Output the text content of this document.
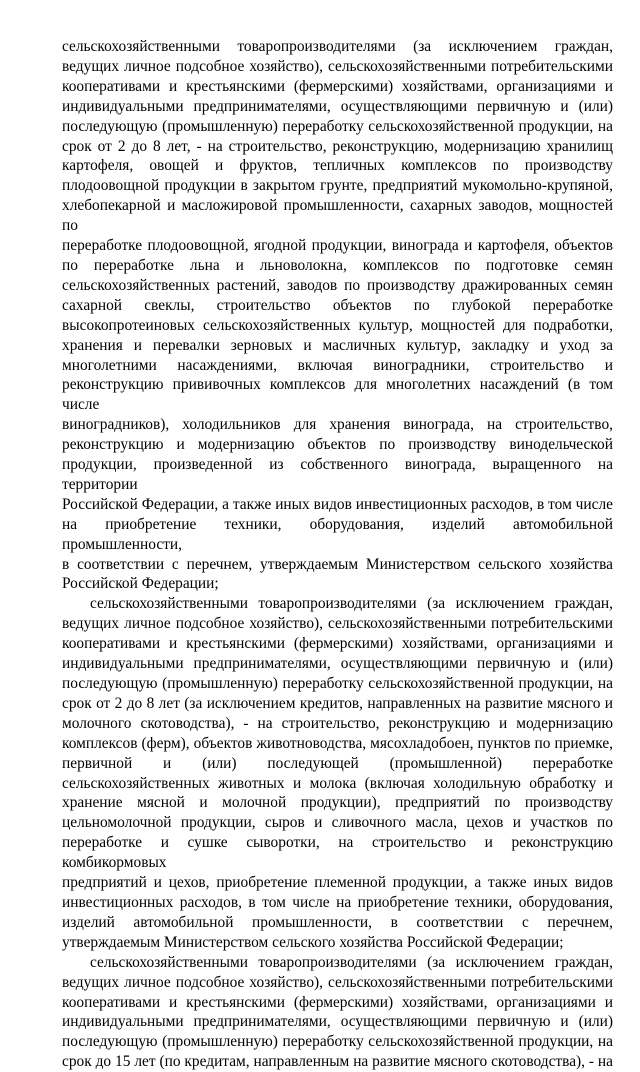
сельскохозяйственными товаропроизводителями (за исключением граждан,
ведущих личное подсобное хозяйство), сельскохозяйственными потребительскими
кооперативами и крестьянскими (фермерскими) хозяйствами, организациями и
индивидуальными предпринимателями, осуществляющими первичную и (или)
последующую (промышленную) переработку сельскохозяйственной продукции, на
срок от 2 до 8 лет, - на строительство, реконструкцию, модернизацию хранилищ
картофеля, овощей и фруктов, тепличных комплексов по производству
плодоовощной продукции в закрытом грунте, предприятий мукомольно-крупяной,
хлебопекарной и масложировой промышленности, сахарных заводов, мощностей по
переработке плодоовощной, ягодной продукции, винограда и картофеля, объектов
по переработке льна и льноволокна, комплексов по подготовке семян
сельскохозяйственных растений, заводов по производству дражированных семян
сахарной свеклы, строительство объектов по глубокой переработке
высокопротеиновых сельскохозяйственных культур, мощностей для подработки,
хранения и перевалки зерновых и масличных культур, закладку и уход за
многолетними насаждениями, включая виноградники, строительство и
реконструкцию прививочных комплексов для многолетних насаждений (в том числе
виноградников), холодильников для хранения винограда, на строительство,
реконструкцию и модернизацию объектов по производству винодельческой
продукции, произведенной из собственного винограда, выращенного на территории
Российской Федерации, а также иных видов инвестиционных расходов, в том числе
на приобретение техники, оборудования, изделий автомобильной промышленности,
в соответствии с перечнем, утверждаемым Министерством сельского хозяйства
Российской Федерации;
сельскохозяйственными товаропроизводителями (за исключением граждан,
ведущих личное подсобное хозяйство), сельскохозяйственными потребительскими
кооперативами и крестьянскими (фермерскими) хозяйствами, организациями и
индивидуальными предпринимателями, осуществляющими первичную и (или)
последующую (промышленную) переработку сельскохозяйственной продукции, на
срок от 2 до 8 лет (за исключением кредитов, направленных на развитие мясного и
молочного скотоводства), - на строительство, реконструкцию и модернизацию
комплексов (ферм), объектов животноводства, мясохладобоен, пунктов по приемке,
первичной и (или) последующей (промышленной) переработке
сельскохозяйственных животных и молока (включая холодильную обработку и
хранение мясной и молочной продукции), предприятий по производству
цельномолочной продукции, сыров и сливочного масла, цехов и участков по
переработке и сушке сыворотки, на строительство и реконструкцию комбикормовых
предприятий и цехов, приобретение племенной продукции, а также иных видов
инвестиционных расходов, в том числе на приобретение техники, оборудования,
изделий автомобильной промышленности, в соответствии с перечнем,
утверждаемым Министерством сельского хозяйства Российской Федерации;
сельскохозяйственными товаропроизводителями (за исключением граждан,
ведущих личное подсобное хозяйство), сельскохозяйственными потребительскими
кооперативами и крестьянскими (фермерскими) хозяйствами, организациями и
индивидуальными предпринимателями, осуществляющими первичную и (или)
последующую (промышленную) переработку сельскохозяйственной продукции, на
срок до 15 лет (по кредитам, направленным на развитие мясного скотоводства), - на
